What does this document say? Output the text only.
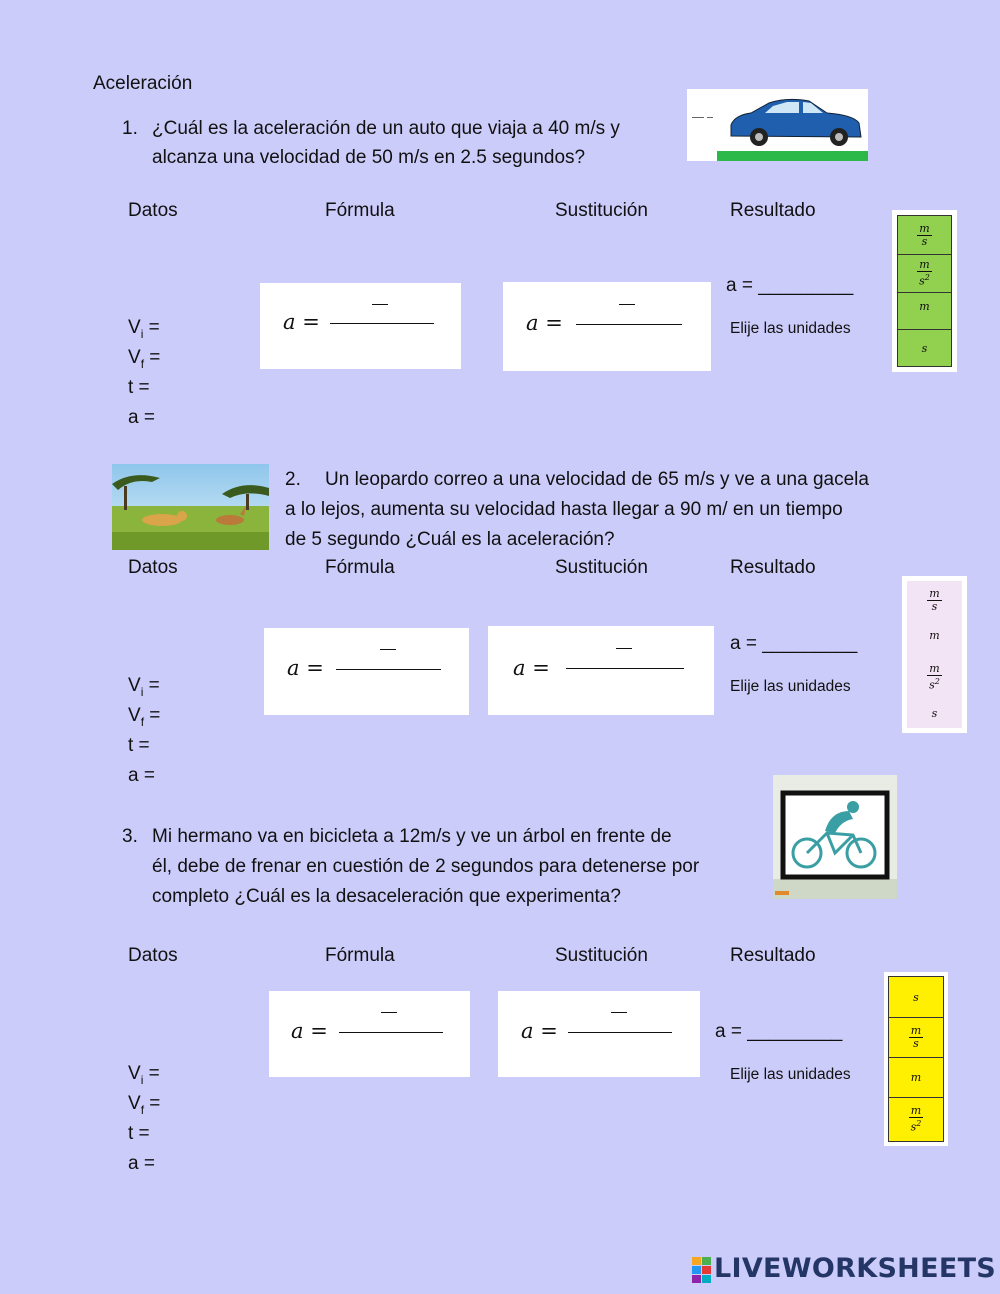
Aceleración
1. ¿Cuál es la aceleración de un auto que viaja a 40 m/s y
alcanza una velocidad de 50 m/s en 2.5 segundos?
Datos	Fórmula	Sustitución	Resultado
a =	a =
a = _________
Elije las unidades
$\frac{m}{s}$
$\frac{m}{s^2}$
m
s
$V_i$ =
$V_f$ =
t =
a =
2. Un leopardo correo a una velocidad de 65 m/s y ve a una gacela
a lo lejos, aumenta su velocidad hasta llegar a 90 m/ en un tiempo
de 5 segundo ¿Cuál es la aceleración?
Datos	Fórmula	Sustitución	Resultado
a =	a =
a = _________
Elije las unidades
$\frac{m}{s}$
m
$\frac{m}{s^2}$
s
$V_i$ =
$V_f$ =
t =
a =
3. Mi hermano va en bicicleta a 12m/s y ve un árbol en frente de
él, debe de frenar en cuestión de 2 segundos para detenerse por
completo ¿Cuál es la desaceleración que experimenta?
Datos	Fórmula	Sustitución	Resultado
a =	a =	a = _________
Elije las unidades
s
$\frac{m}{s}$
m
$\frac{m}{s^2}$
$V_i$ =
$V_f$ =
t =
a =
LIVEWORKSHEETS
